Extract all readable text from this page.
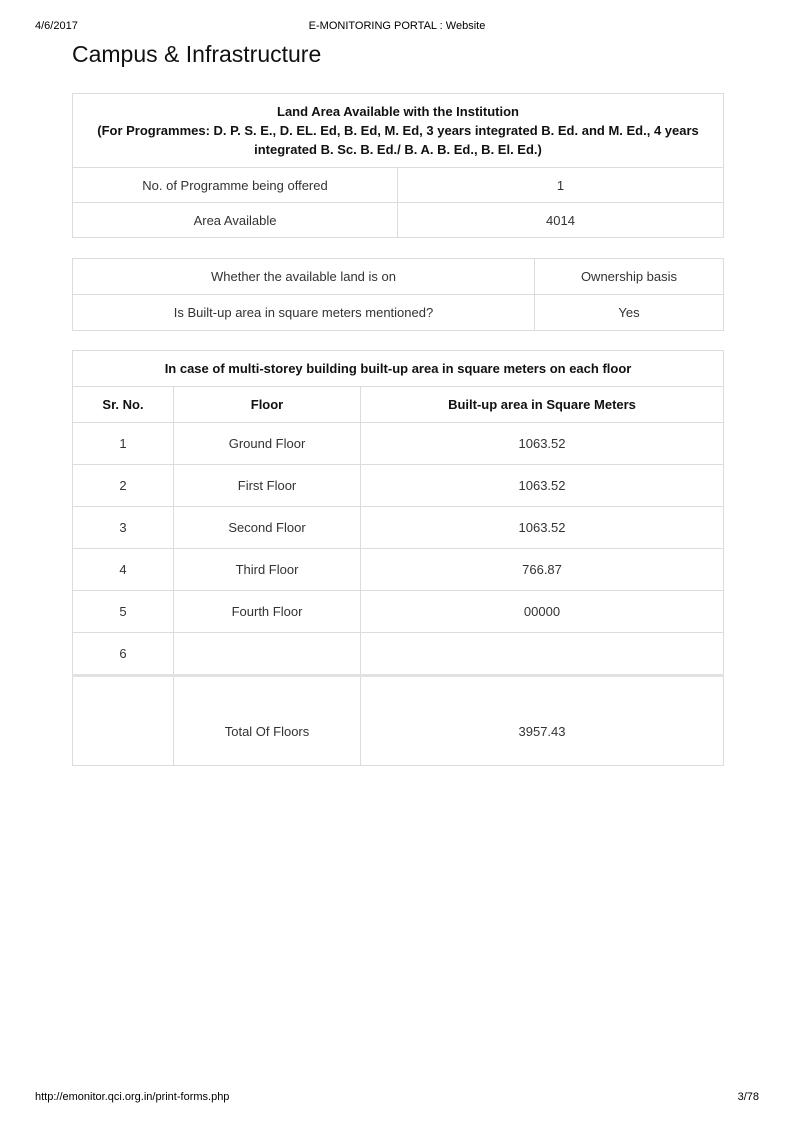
4/6/2017	E-MONITORING PORTAL : Website
Campus & Infrastructure
Land Area Available with the Institution
(For Programmes: D. P. S. E., D. EL. Ed, B. Ed, M. Ed, 3 years integrated B. Ed. and M. Ed., 4 years integrated B. Sc. B. Ed./ B. A. B. Ed., B. El. Ed.)	

No. of Programme being offered	1
Area Available	4014
Whether the available land is on	Ownership basis
Is Built-up area in square meters mentioned?	Yes
In case of multi-storey building built-up area in square meters on each floor		
Sr. No.	Floor	Built-up area in Square Meters
1	Ground Floor	1063.52
2	First Floor	1063.52
3	Second Floor	1063.52
4	Third Floor	766.87
5	Fourth Floor	00000
6		
	Total Of Floors	3957.43
http://emonitor.qci.org.in/print-forms.php	3/78
